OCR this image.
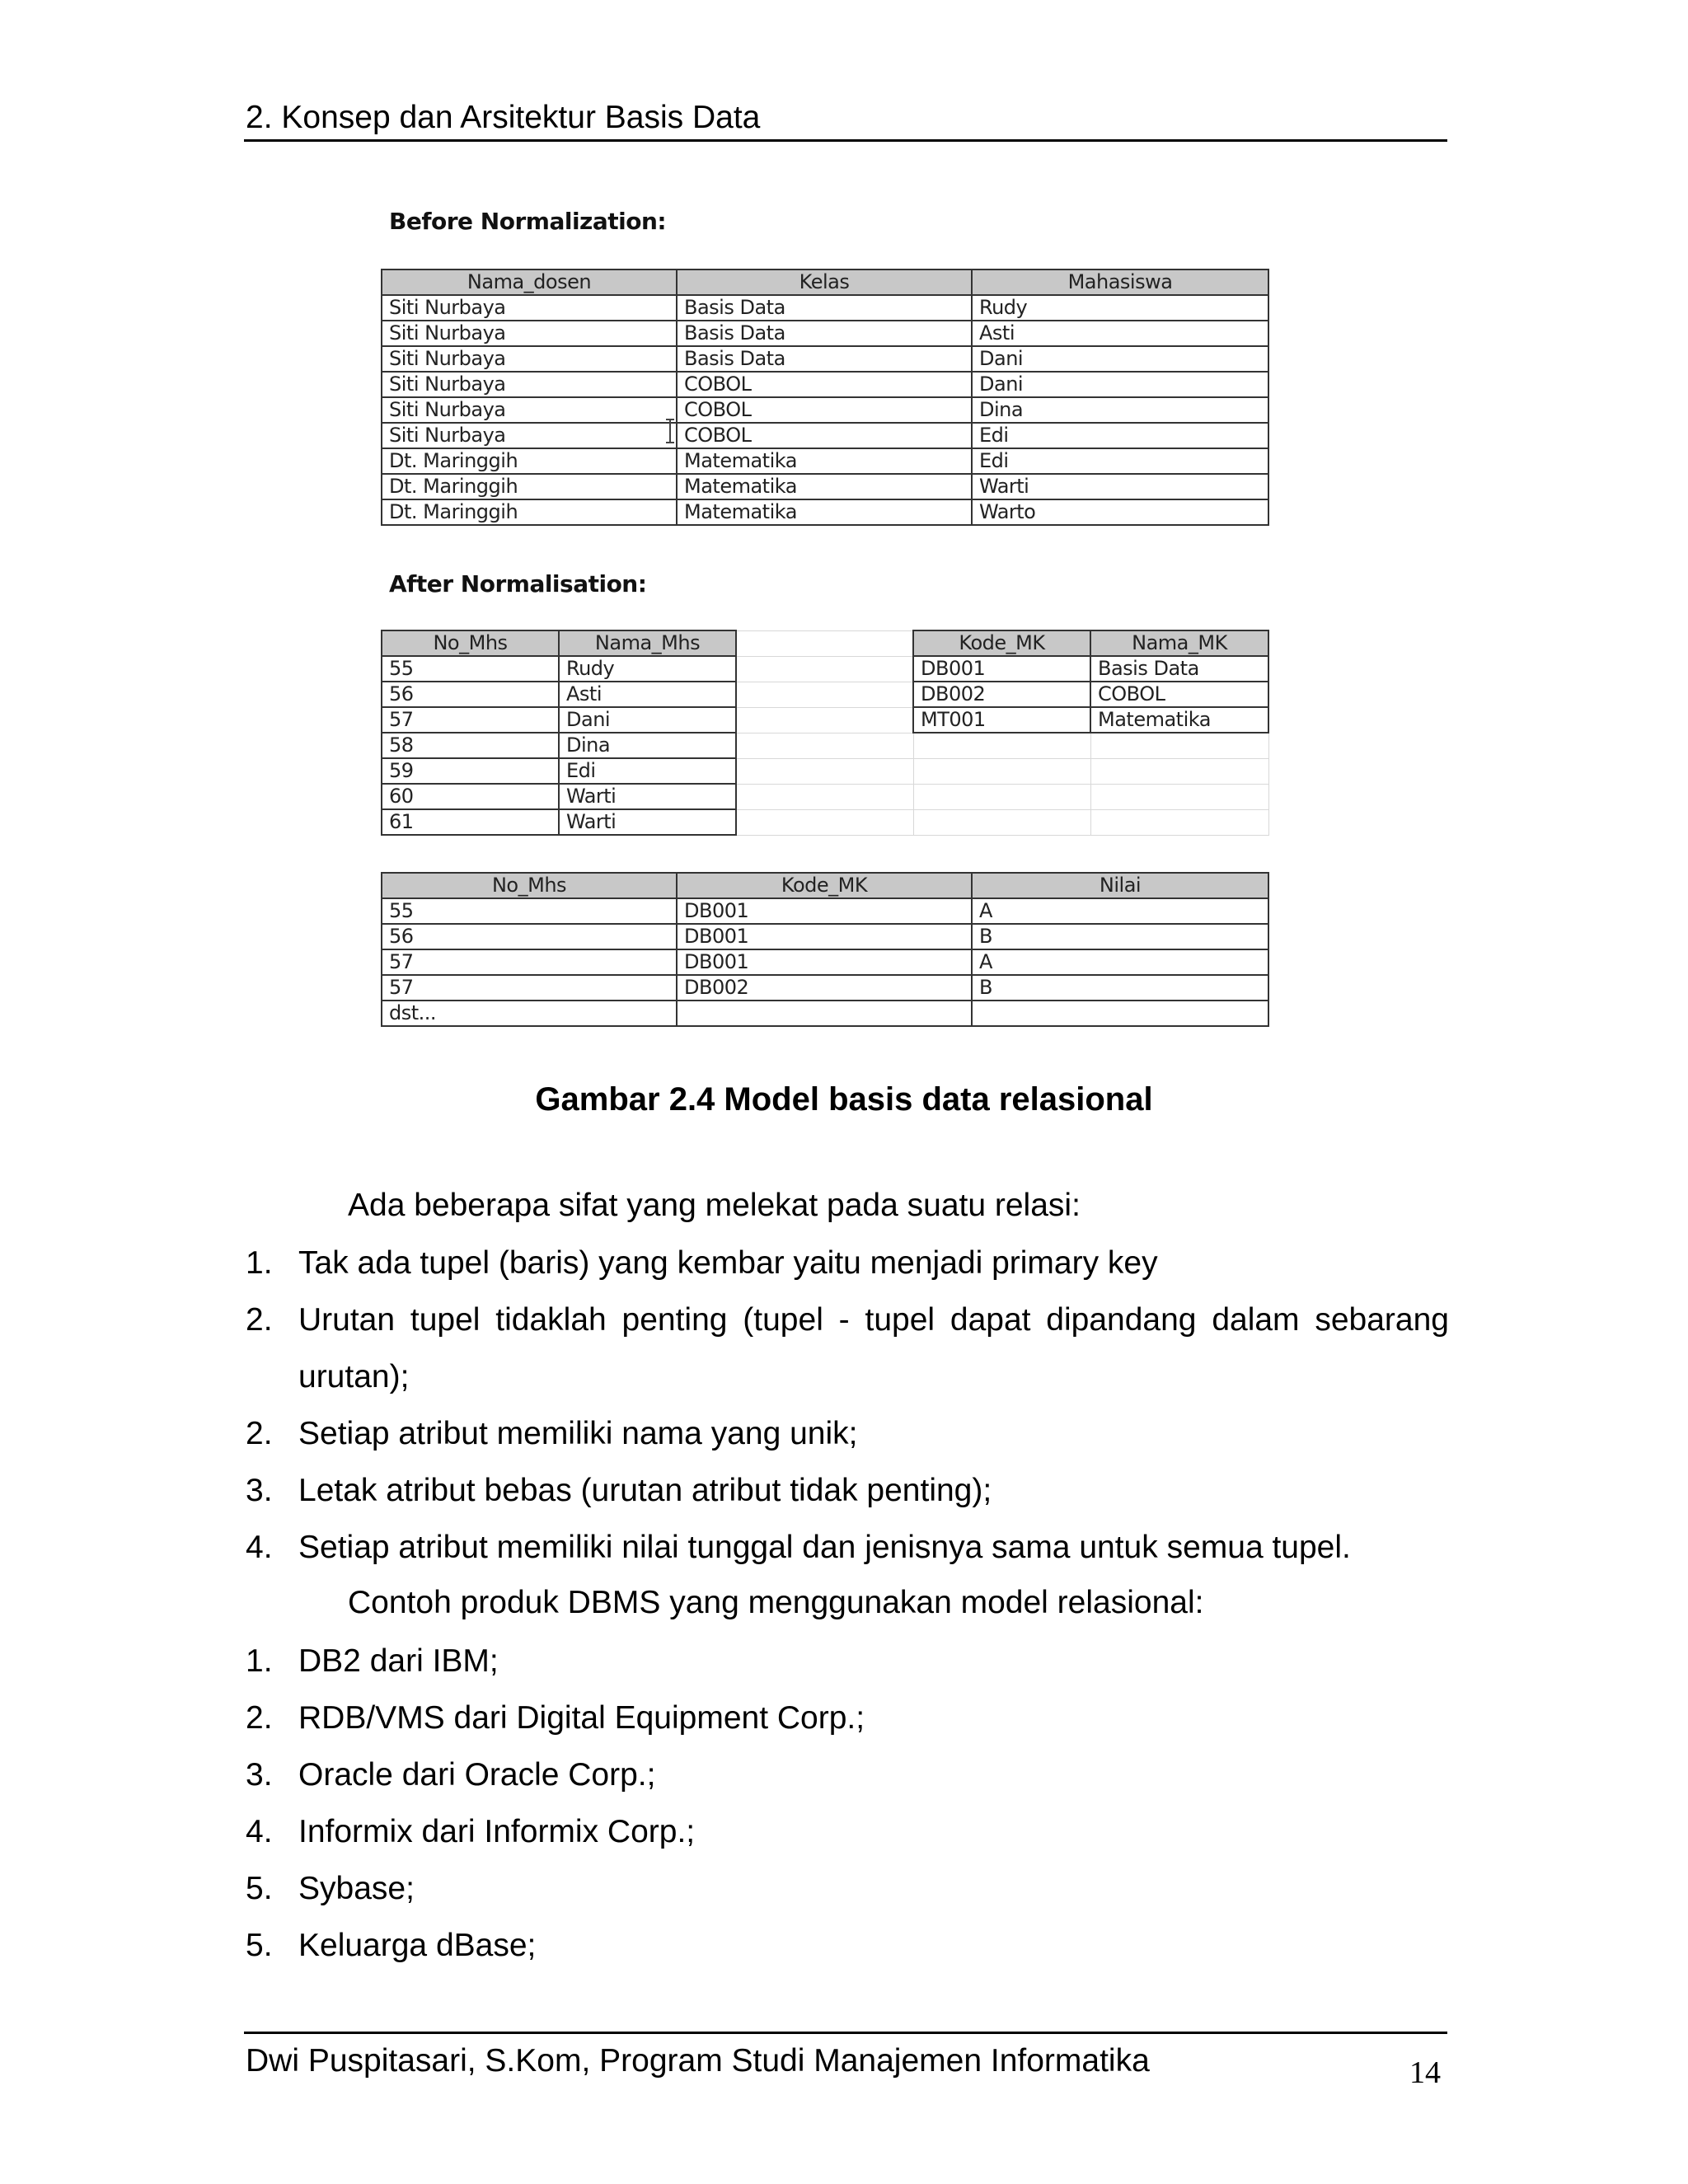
2. Konsep dan Arsitektur Basis Data
Before Normalization:
Nama_dosen	Kelas	Mahasiswa
Siti Nurbaya	Basis Data	Rudy
Siti Nurbaya	Basis Data	Asti
Siti Nurbaya	Basis Data	Dani
Siti Nurbaya	COBOL	Dani
Siti Nurbaya	COBOL	Dina
Siti Nurbaya	COBOL	Edi
Dt. Maringgih	Matematika	Edi
Dt. Maringgih	Matematika	Warti
Dt. Maringgih	Matematika	Warto
After Normalisation:
No_Mhs	Nama_Mhs		Kode_MK	Nama_MK
55	Rudy		DB001	Basis Data
56	Asti		DB002	COBOL
57	Dani		MT001	Matematika
58	Dina			
59	Edi			
60	Warti			
61	Warti			
No_Mhs	Kode_MK	Nilai
55	DB001	A
56	DB001	B
57	DB001	A
57	DB002	B
dst...		
Gambar 2.4 Model basis data relasional
Ada beberapa sifat yang melekat pada suatu relasi:
1. Tak ada tupel (baris) yang kembar yaitu menjadi primary key
2. Urutan tupel tidaklah penting (tupel - tupel dapat dipandang dalam sebarang urutan);
2. Setiap atribut memiliki nama yang unik;
3. Letak atribut bebas (urutan atribut tidak penting);
4. Setiap atribut memiliki nilai tunggal dan jenisnya sama untuk semua tupel.
Contoh produk DBMS yang menggunakan model relasional:
1. DB2 dari IBM;
2. RDB/VMS dari Digital Equipment Corp.;
3. Oracle dari Oracle Corp.;
4. Informix dari Informix Corp.;
5. Sybase;
5. Keluarga dBase;
Dwi Puspitasari, S.Kom, Program Studi Manajemen Informatika	14
